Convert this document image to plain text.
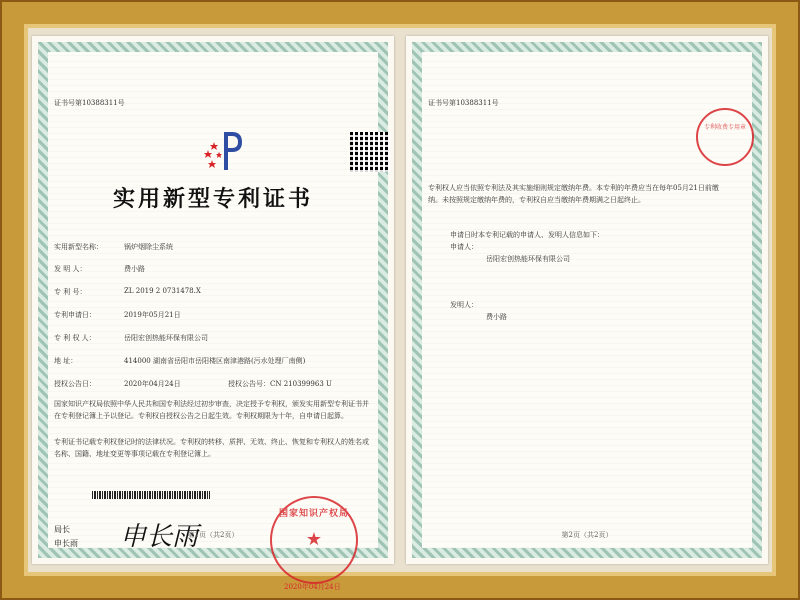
证书号第10388311号
实用新型专利证书
实用新型名称：	锅炉烟除尘系统
发 明 人：	费小路
专 利 号：	ZL 2019 2 0731478.X
专利申请日：	2019年05月21日
专 利 权 人：	岳阳宏创热能环保有限公司
地 址：	414000 湖南省岳阳市岳阳楼区南津港路(污水处理厂南侧)
授权公告日：	2020年04月24日	授权公告号：CN 210399963 U
国家知识产权局依照中华人民共和国专利法经过初步审查，决定授予专利权，颁发实用新型专利证书并在专利登记簿上予以登记。专利权自授权公告之日起生效。专利权期限为十年，自申请日起算。
专利证书记载专利权登记时的法律状况。专利权的转移、质押、无效、终止、恢复和专利权人的姓名或名称、国籍、地址变更等事项记载在专利登记簿上。
局长
申长雨 申长雨
国家知识产权局
★
2020年04月24日
第1页（共2页）
证书号第10388311号
专利收费专用章
专利权人应当依照专利法及其实施细则规定缴纳年费。本专利的年费应当在每年05月21日前缴纳。未按照规定缴纳年费的，专利权自应当缴纳年费期满之日起终止。
申请日时本专利记载的申请人、发明人信息如下：
申请人：
岳阳宏创热能环保有限公司
发明人：
费小路
第2页（共2页）
